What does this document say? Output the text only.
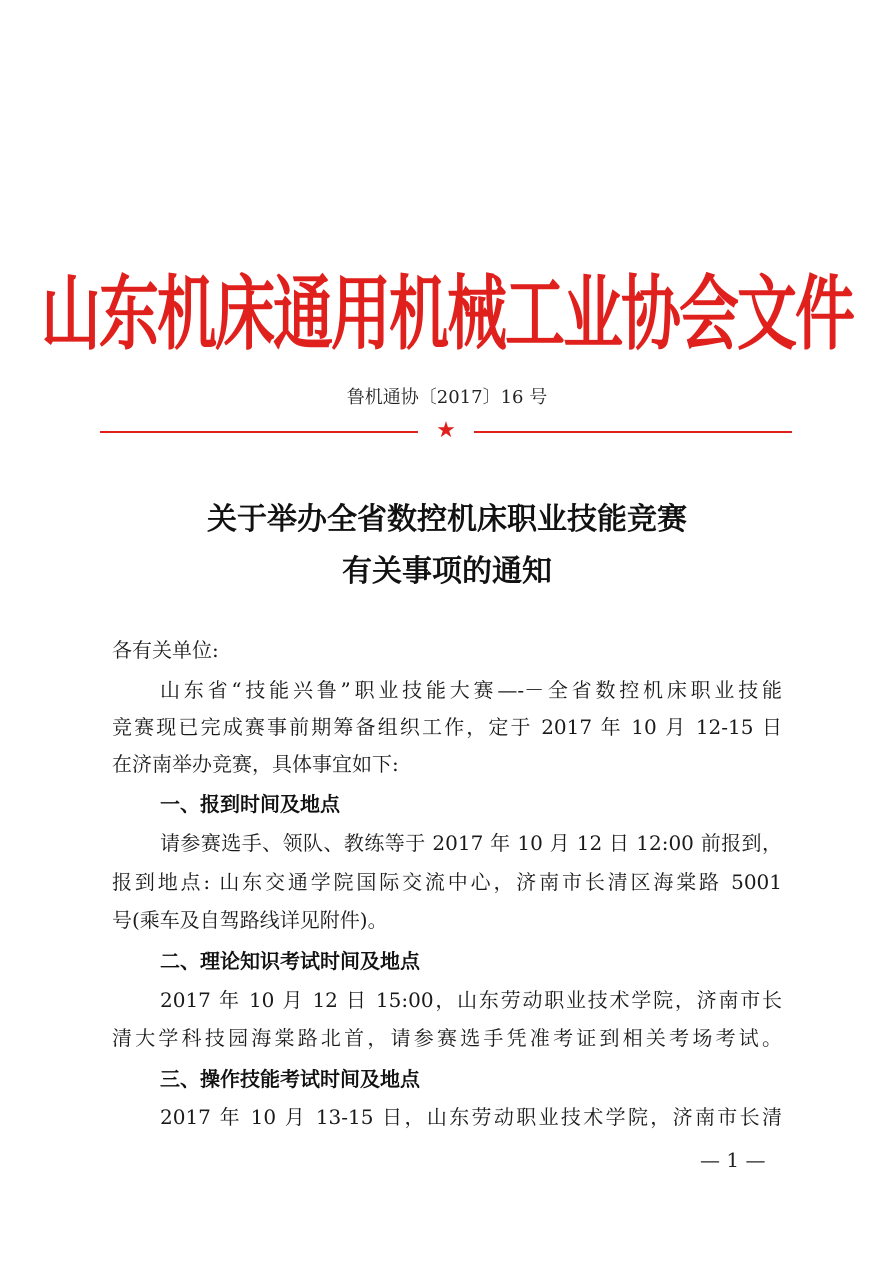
山东机床通用机械工业协会文件
鲁机通协〔2017〕16 号
★
关于举办全省数控机床职业技能竞赛
有关事项的通知
各有关单位:
山东省“技能兴鲁”职业技能大赛—-－全省数控机床职业技能
竞赛现已完成赛事前期筹备组织工作，定于 2017 年 10 月 12-15 日
在济南举办竞赛，具体事宜如下:
一、报到时间及地点
请参赛选手、领队、教练等于 2017 年 10 月 12 日 12:00 前报到，
报到地点: 山东交通学院国际交流中心，济南市长清区海棠路 5001
号(乘车及自驾路线详见附件)。
二、理论知识考试时间及地点
2017 年 10 月 12 日 15:00，山东劳动职业技术学院，济南市长
清大学科技园海棠路北首，请参赛选手凭准考证到相关考场考试。
三、操作技能考试时间及地点
2017 年 10 月 13-15 日，山东劳动职业技术学院，济南市长清
— 1 —
